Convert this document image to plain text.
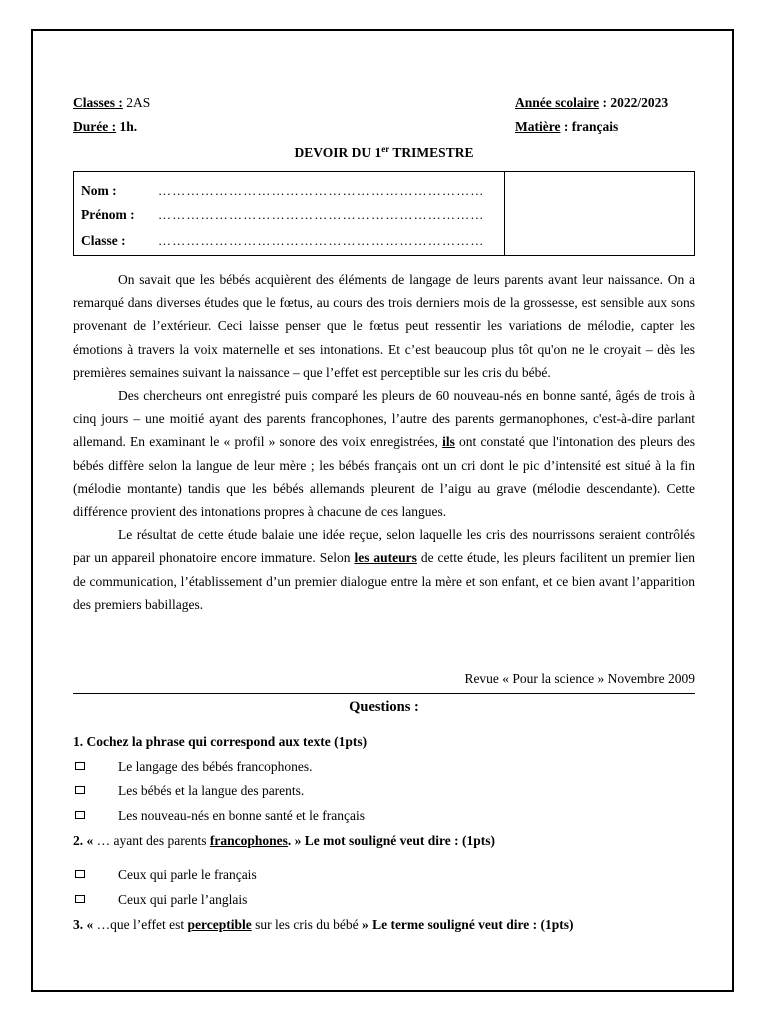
Classes : 2AS
Durée : 1h.
Année scolaire : 2022/2023
Matière : français
DEVOIR DU 1er TRIMESTRE
Nom :	……………………………………………………………
Prénom : ……………………………………………………………
Classe : ……………………………………………………………

On savait que les bébés acquièrent des éléments de langage de leurs parents avant leur naissance. On a remarqué dans diverses études que le fœtus, au cours des trois derniers mois de la grossesse, est sensible aux sons provenant de l’extérieur. Ceci laisse penser que le fœtus peut ressentir les variations de mélodie, capter les émotions à travers la voix maternelle et ses intonations. Et c’est beaucoup plus tôt qu'on ne le croyait – dès les premières semaines suivant la naissance – que l’effet est perceptible sur les cris du bébé.

Des chercheurs ont enregistré puis comparé les pleurs de 60 nouveau-nés en bonne santé, âgés de trois à cinq jours – une moitié ayant des parents francophones, l’autre des parents germanophones, c'est-à-dire parlant allemand. En examinant le « profil » sonore des voix enregistrées, ils ont constaté que l'intonation des pleurs des bébés diffère selon la langue de leur mère ; les bébés français ont un cri dont le pic d’intensité est situé à la fin (mélodie montante) tandis que les bébés allemands pleurent de l’aigu au grave (mélodie descendante). Cette différence provient des intonations propres à chacune de ces langues.

Le résultat de cette étude balaie une idée reçue, selon laquelle les cris des nourrissons seraient contrôlés par un appareil phonatoire encore immature. Selon les auteurs de cette étude, les pleurs facilitent un premier lien de communication, l’établissement d’un premier dialogue entre la mère et son enfant, et ce bien avant l’apparition des premiers babillages.

Revue « Pour la science » Novembre 2009
Questions :
1. Cochez la phrase qui correspond aux texte (1pts)
Le langage des bébés francophones.
Les bébés et la langue des parents.
Les nouveau-nés en bonne santé et le français
2. « … ayant des parents francophones. » Le mot souligné veut dire : (1pts)
Ceux qui parle le français
Ceux qui parle l’anglais
3. « …que l’effet est perceptible sur les cris du bébé » Le terme souligné veut dire : (1pts)
